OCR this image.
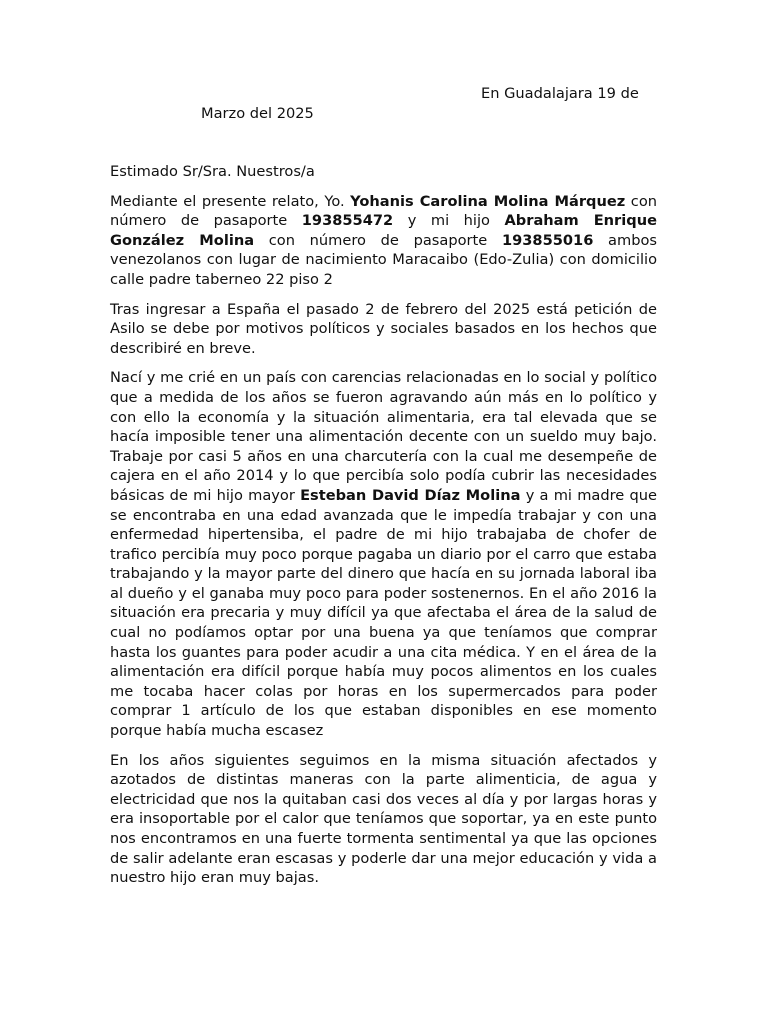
En Guadalajara 19 de
Marzo del 2025
Estimado Sr/Sra. Nuestros/a
Mediante el presente relato, Yo. Yohanis Carolina Molina Márquez con número de pasaporte 193855472 y mi hijo Abraham Enrique González Molina con número de pasaporte 193855016 ambos venezolanos con lugar de nacimiento Maracaibo (Edo-Zulia) con domicilio calle padre taberneo 22 piso 2
Tras ingresar a España el pasado 2 de febrero del 2025 está petición de Asilo se debe por motivos políticos y sociales basados en los hechos que describiré en breve.
Nací y me crié en un país con carencias relacionadas en lo social y político que a medida de los años se fueron agravando aún más en lo político y con ello la economía y la situación alimentaria, era tal elevada que se hacía imposible tener una alimentación decente con un sueldo muy bajo. Trabaje por casi 5 años en una charcutería con la cual me desempeñe de cajera en el año 2014 y lo que percibía solo podía cubrir las necesidades básicas de mi hijo mayor Esteban David Díaz Molina y a mi madre que se encontraba en una edad avanzada que le impedía trabajar y con una enfermedad hipertensiba, el padre de mi hijo trabajaba de chofer de trafico percibía muy poco porque pagaba un diario por el carro que estaba trabajando y la mayor parte del dinero que hacía en su jornada laboral iba al dueño y el ganaba muy poco para poder sostenernos. En el año 2016 la situación era precaria y muy difícil ya que afectaba el área de la salud de cual no podíamos optar por una buena ya que teníamos que comprar hasta los guantes para poder acudir a una cita médica. Y en el área de la alimentación era difícil porque había muy pocos alimentos en los cuales me tocaba hacer colas por horas en los supermercados para poder comprar 1 artículo de los que estaban disponibles en ese momento porque había mucha escasez
En los años siguientes seguimos en la misma situación afectados y azotados de distintas maneras con la parte alimenticia, de agua y electricidad que nos la quitaban casi dos veces al día y por largas horas y era insoportable por el calor que teníamos que soportar, ya en este punto nos encontramos en una fuerte tormenta sentimental ya que las opciones de salir adelante eran escasas y poderle dar una mejor educación y vida a nuestro hijo eran muy bajas.
